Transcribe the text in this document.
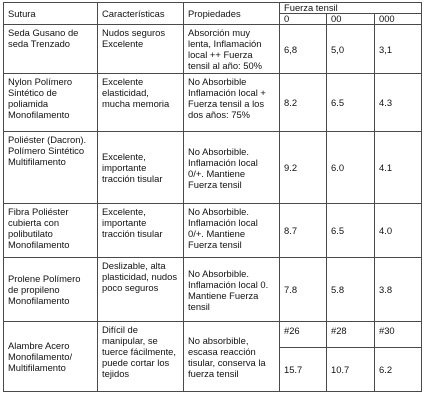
Sutura	Características	Propiedades	Fuerza tensil		
			0	00	000
Seda Gusano de seda Trenzado	Nudos seguros Excelente	Absorción muy lenta, Inflamación local ++ Fuerza tensil al año: 50%	6,8	5,0	3,1
Nylon Polímero Sintético de poliamida Monofilamento	Excelente elasticidad, mucha memoria	No Absorbible Inflamación local + Fuerza tensil a los dos años: 75%	8.2	6.5	4.3
Poliéster (Dacron). Polímero Sintético Multifilamento	Excelente, importante tracción tisular	No Absorbible. Inflamación local 0/+. Mantiene Fuerza tensil	9.2	6.0	4.1
Fibra Poliéster cubierta con polibutilato Monofilamento	Excelente, importante tracción tisular	No Absorbible. Inflamación local 0/+. Mantiene Fuerza tensil	8.7	6.5	4.0
Prolene Polímero de propileno Monofilamento	Deslizable, alta plasticidad, nudos poco seguros	No Absorbible. Inflamación local 0. Mantiene Fuerza tensil	7.8	5.8	3.8
Alambre Acero Monofilamento/ Multifilamento	Difícil de manipular, se tuerce fácilmente, puede cortar los tejidos	No absorbible, escasa reacción tisular, conserva la fuerza tensil	#26	#28	#30
			15.7	10.7	6.2
